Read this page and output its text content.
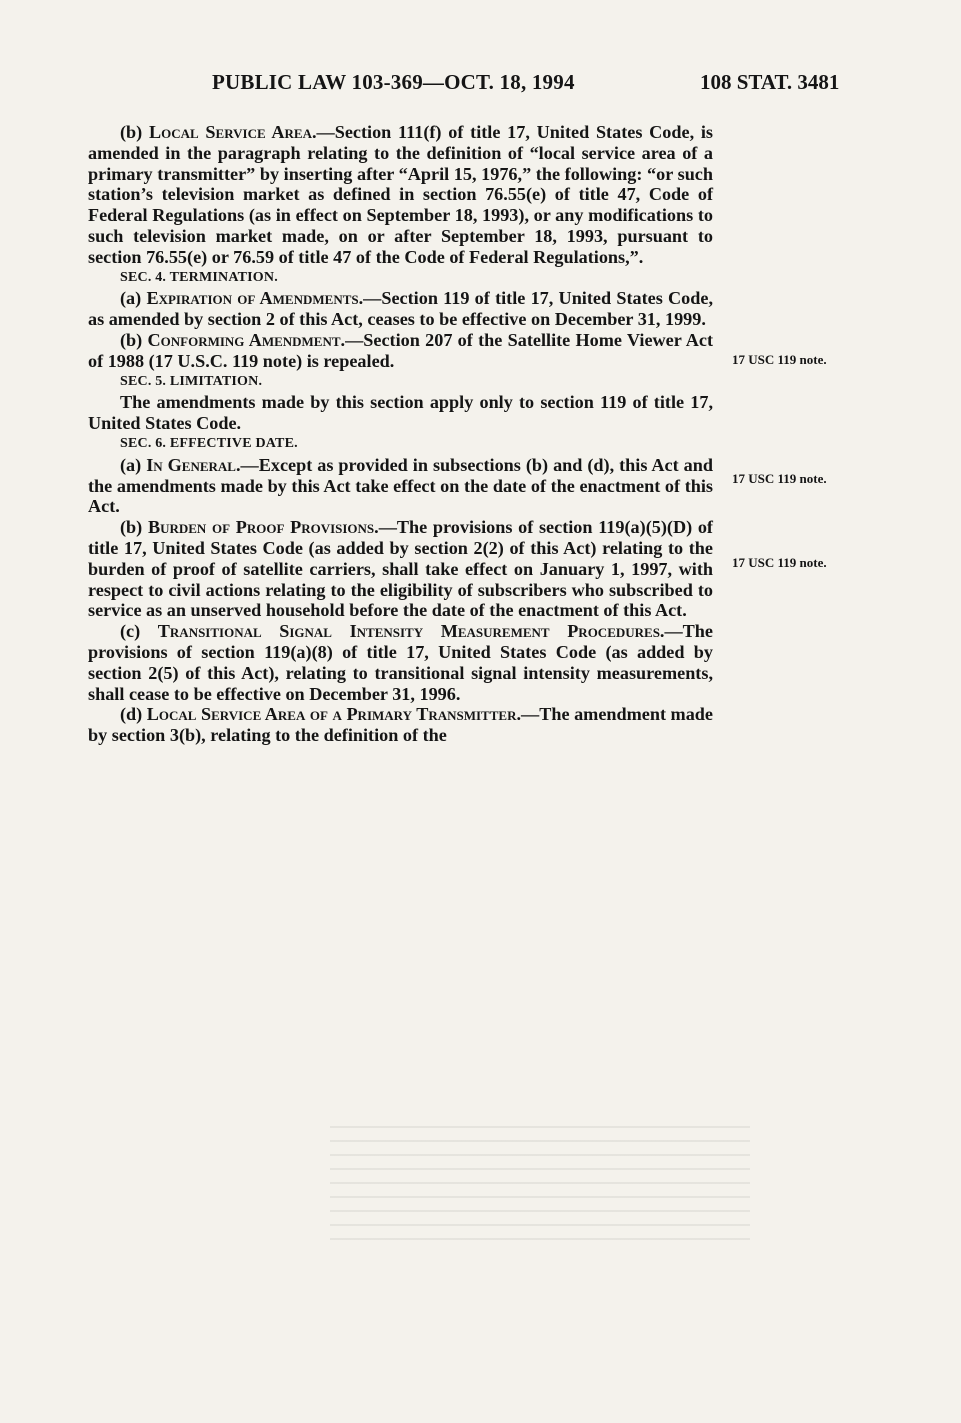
PUBLIC LAW 103-369—OCT. 18, 1994	108 STAT. 3481

(b) Local Service Area.—Section 111(f) of title 17, United States Code, is amended in the paragraph relating to the definition of “local service area of a primary transmitter” by inserting after “April 15, 1976,” the following: “or such station’s television market as defined in section 76.55(e) of title 47, Code of Federal Regulations (as in effect on September 18, 1993), or any modifications to such television market made, on or after September 18, 1993, pursuant to section 76.55(e) or 76.59 of title 47 of the Code of Federal Regulations,”.

SEC. 4. TERMINATION.

(a) Expiration of Amendments.—Section 119 of title 17, United States Code, as amended by section 2 of this Act, ceases to be effective on December 31, 1999.

(b) Conforming Amendment.—Section 207 of the Satellite Home Viewer Act of 1988 (17 U.S.C. 119 note) is repealed.

SEC. 5. LIMITATION.

The amendments made by this section apply only to section 119 of title 17, United States Code.

SEC. 6. EFFECTIVE DATE.

(a) In General.—Except as provided in subsections (b) and (d), this Act and the amendments made by this Act take effect on the date of the enactment of this Act.

(b) Burden of Proof Provisions.—The provisions of section 119(a)(5)(D) of title 17, United States Code (as added by section 2(2) of this Act) relating to the burden of proof of satellite carriers, shall take effect on January 1, 1997, with respect to civil actions relating to the eligibility of subscribers who subscribed to service as an unserved household before the date of the enactment of this Act.

(c) Transitional Signal Intensity Measurement Procedures.—The provisions of section 119(a)(8) of title 17, United States Code (as added by section 2(5) of this Act), relating to transitional signal intensity measurements, shall cease to be effective on December 31, 1996.

(d) Local Service Area of a Primary Transmitter.—The amendment made by section 3(b), relating to the definition of the

17 USC 119 note.
17 USC 119 note.
17 USC 119 note.
